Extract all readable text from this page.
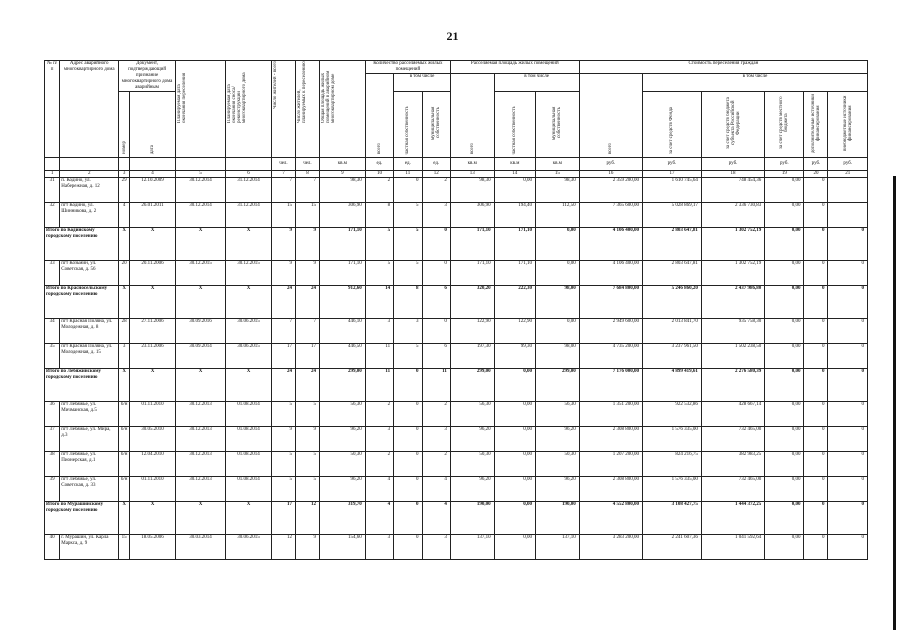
21
№ п/п	Адрес аварийного многоквартирного дома	Документ, подтверждающий признание многоквартирного дома аварийным		Планируемая дата окончания переселения	Планируемая дата окончания сноса/реконструкции многоквартирного дома	Число жителей - всего	Число жителей, планируемых к переселению	Общая площадь жилых помещений в аварийном многоквартирном доме	Количество расселяемых жилых помещений			Расселяемая площадь жилых помещений			Стоимость переселения граждан					
									всего	в том числе		всего	в том числе		всего	в том числе				
		номер	дата							частная собственность	муниципальная собственность		частная собственность	муниципальная собственность		за счет средств Фонда	за счет средств бюджета субъекта Российской Федерации	за счет средств местного бюджета	дополнительные источники финансирования	внебюджетные источники финансирования
						чел.	чел.	кв.м	ед.	ед.	ед.	кв.м	кв.м	кв.м	руб.	руб.	руб.	руб.	руб.	руб.
1	2	3	4	5	6	7	8	9	10	11	12	13	14	15	16	17	18	19	20	21
31	п. Кодино, ул. Набережная, д. 12	29	12.10.2009	30.12.2014	31.12.2014	7	7	98,30	2	0	2	98,30	0,00	98,30	2 359 200,00	1 610 745,64	748 454,36	0,00	0	
32	пгт Кодино, ул. Шинникова, д. 2	4	26.01.2011	30.12.2014	31.12.2014	15	15	306,90	8	5	3	306,90	194,40	112,50	7 365 600,00	5 028 869,17	2 336 730,83	0,00	0	
Итого по Кодинскому городскому поселению		X	X	X	X	9	9	171,10	5	5	0	171,10	171,10	0,00	4 106 400,00	2 803 647,81	1 302 752,19	0,00	0	0
33	пгт Козьмин, ул. Советская, д. 56	20	20.11.2006	30.12.2015	30.12.2015	9	9	171,10	5	5	0	171,10	171,10	0,00	4 106 400,00	2 803 647,81	1 302 752,19	0,00	0	0
Итого по Красносельскому городскому поселению		X	X	X	X	24	24	912,60	14	8	6	320,20	222,30	98,00	7 684 800,00	5 246 860,20	2 437 986,80	0,00	0	0
34	пгт Красная Поляна, ул. Молодежная, д. 8	28	27.11.2006	30.09.2016	30.06.2015	7	7	446,10	3	3	0	122,90	122,90	0,00	2 949 600,00	2 013 841,70	935 758,30	0,00	0	0
35	пгт Красная Поляна, ул. Молодежная, д. 15	3	23.11.2006	30.09.2014	30.06.2015	17	17	446,50	11	5	6	197,30	99,30	98,00	4 735 200,00	3 237 961,50	1 502 238,50	0,00	0	0
Итого по Лебяжинскому городскому поселению		X	X	X	X	24	24	299,00	11	0	11	299,00	0,00	299,00	7 176 000,00	4 899 419,61	2 276 580,39	0,00	0	0
36	пгт Лебяжье, ул. Мичманская, д.5	б/н	01.11.2010	30.12.2013	01.08.2014	5	5	56,30	2	0	2	56,30	0,00	56,30	1 351 200,00	922 532,86	428 667,14	0,00	0	0
37	пгт Лебяжье, ул. Мира, д.3	б/н	30.05.2010	30.12.2013	01.08.2014	9	9	96,20	3	0	3	96,20	0,00	96,20	2 308 800,00	1 576 335,00	732 465,00	0,00	0	0
38	пгт Лебяжье, ул. Пионерская, д.1	б/н	12.04.2010	30.12.2013	01.08.2014	5	5	50,30	2	0	2	50,30	0,00	50,30	1 207 200,00	824 216,75	382 983,25	0,00	0	0
39	пгт Лебяжье, ул. Советская, д. 33	б/н	01.11.2010	30.12.2013	01.08.2014	5	5	96,20	4	0	4	96,20	0,00	96,20	2 308 800,00	1 576 335,00	732 465,00	0,00	0	0
Итого по Мурашинскому городскому поселению		X	X	X	X	17	12	319,70	4	0	4	190,00	0,00	190,00	4 552 800,00	3 108 427,75	1 444 372,25	0,00	0	0
40	г. Мурашин, ул. Карла Маркса, д. 9	15	18.05.2006	30.03.2014	30.06.2015	12	9	154,60	3	0	3	137,10	0,00	137,10	3 283 200,00	2 241 607,36	1 041 592,64	0,00	0	0
